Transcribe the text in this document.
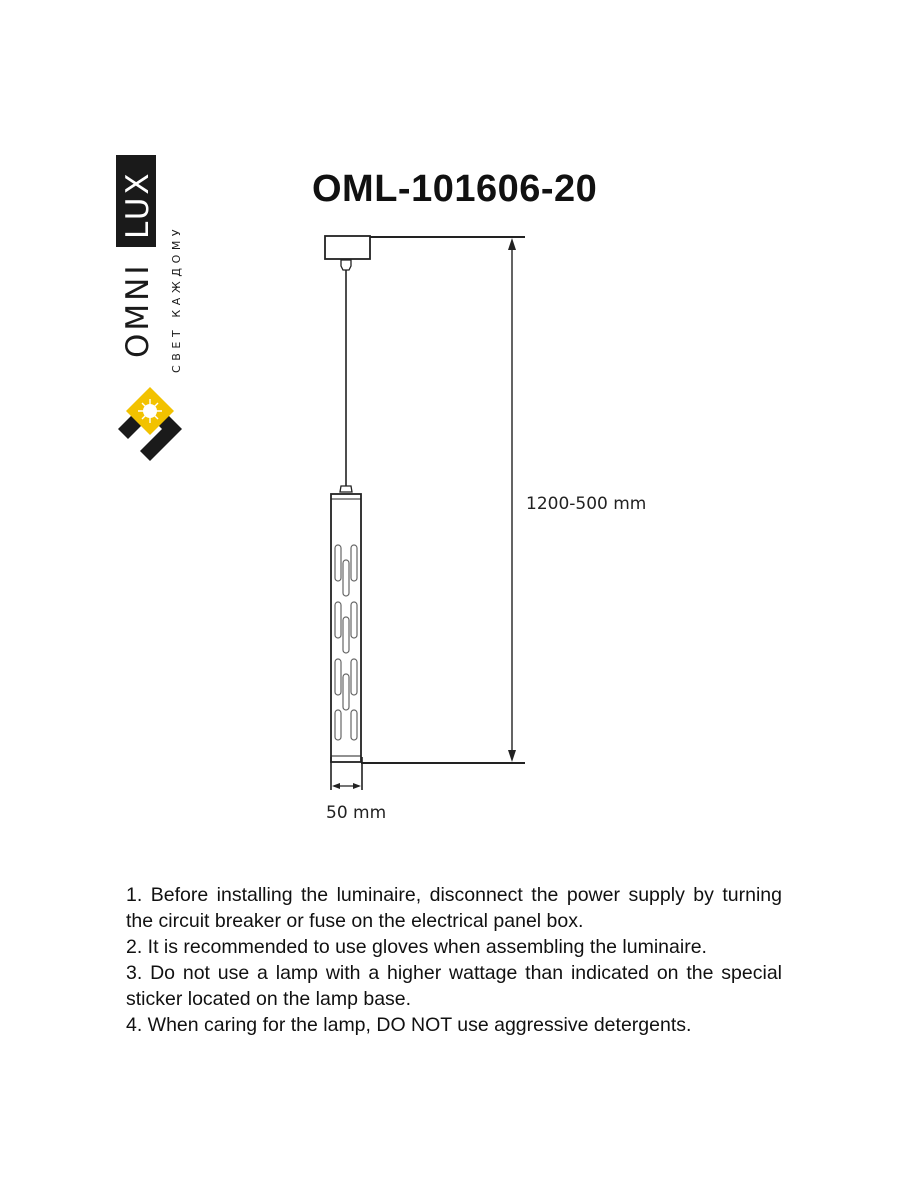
LUX
OMNI СВЕТ КАЖДОМУ
OML-101606-20
1200-500 mm
50 mm

1. Before installing the luminaire, disconnect the power supply by turning the circuit breaker or fuse on the electrical panel box.

2. It is recommended to use gloves when assembling the luminaire.

3. Do not use a lamp with a higher wattage than indicated on the special sticker located on the lamp base.

4. When caring for the lamp, DO NOT use aggressive detergents.
